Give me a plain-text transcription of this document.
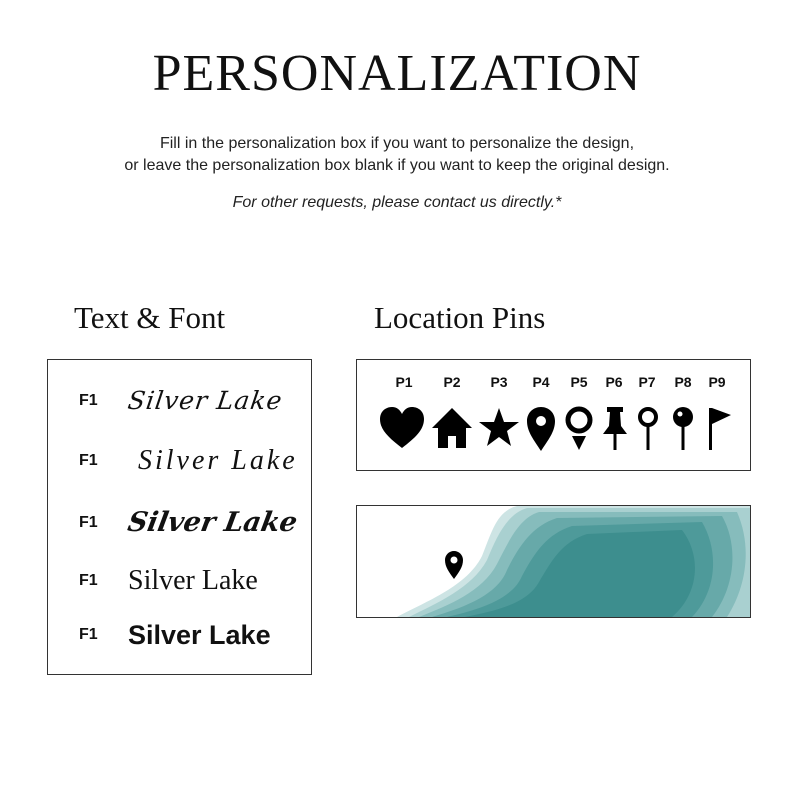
PERSONALIZATION
Fill in the personalization box if you want to personalize the design,
or leave the personalization box blank if you want to keep the original design.
For other requests, please contact us directly.*
Text & Font	Location Pins
F1 Silver Lake
F1 Silver Lake
F1 Silver Lake
F1 Silver Lake
F1 Silver Lake
P1	P2	P3	P4	P5	P6	P7	P8	P9
